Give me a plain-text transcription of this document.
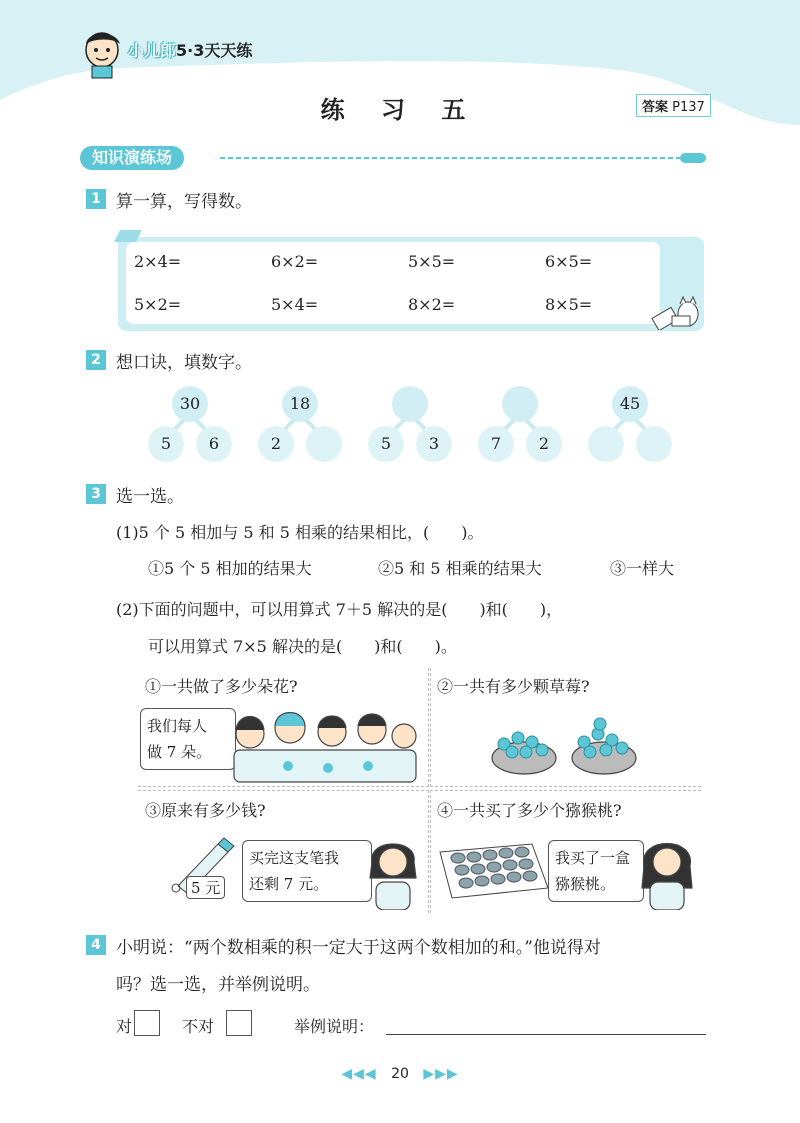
小儿郎 5·3天天练
练 习 五	答案 P137
知识演练场
1 算一算，写得数。
2×4=	6×2=	5×5=	6×5=
5×2=	5×4=	8×2=	8×5=
2 想口诀，填数字。
30
5	6
18
2	5	3	7	2
45
3 选一选。
(1)5 个 5 相加与 5 和 5 相乘的结果相比，(　　)。
①5 个 5 相加的结果大	②5 和 5 相乘的结果大	③一样大
(2)下面的问题中，可以用算式 7＋5 解决的是(　　)和(　　)，
可以用算式 7×5 解决的是(　　)和(　　)。
①一共做了多少朵花?
我们每人
做 7 朵。
②一共有多少颗草莓?
③原来有多少钱?
5 元
买完这支笔我
还剩 7 元。
④一共买了多少个猕猴桃?
我买了一盒
猕猴桃。
4 小明说：“两个数相乘的积一定大于这两个数相加的和。”他说得对
吗？选一选，并举例说明。
对	不对	举例说明：
◀◀◀ 20 ▶▶▶
